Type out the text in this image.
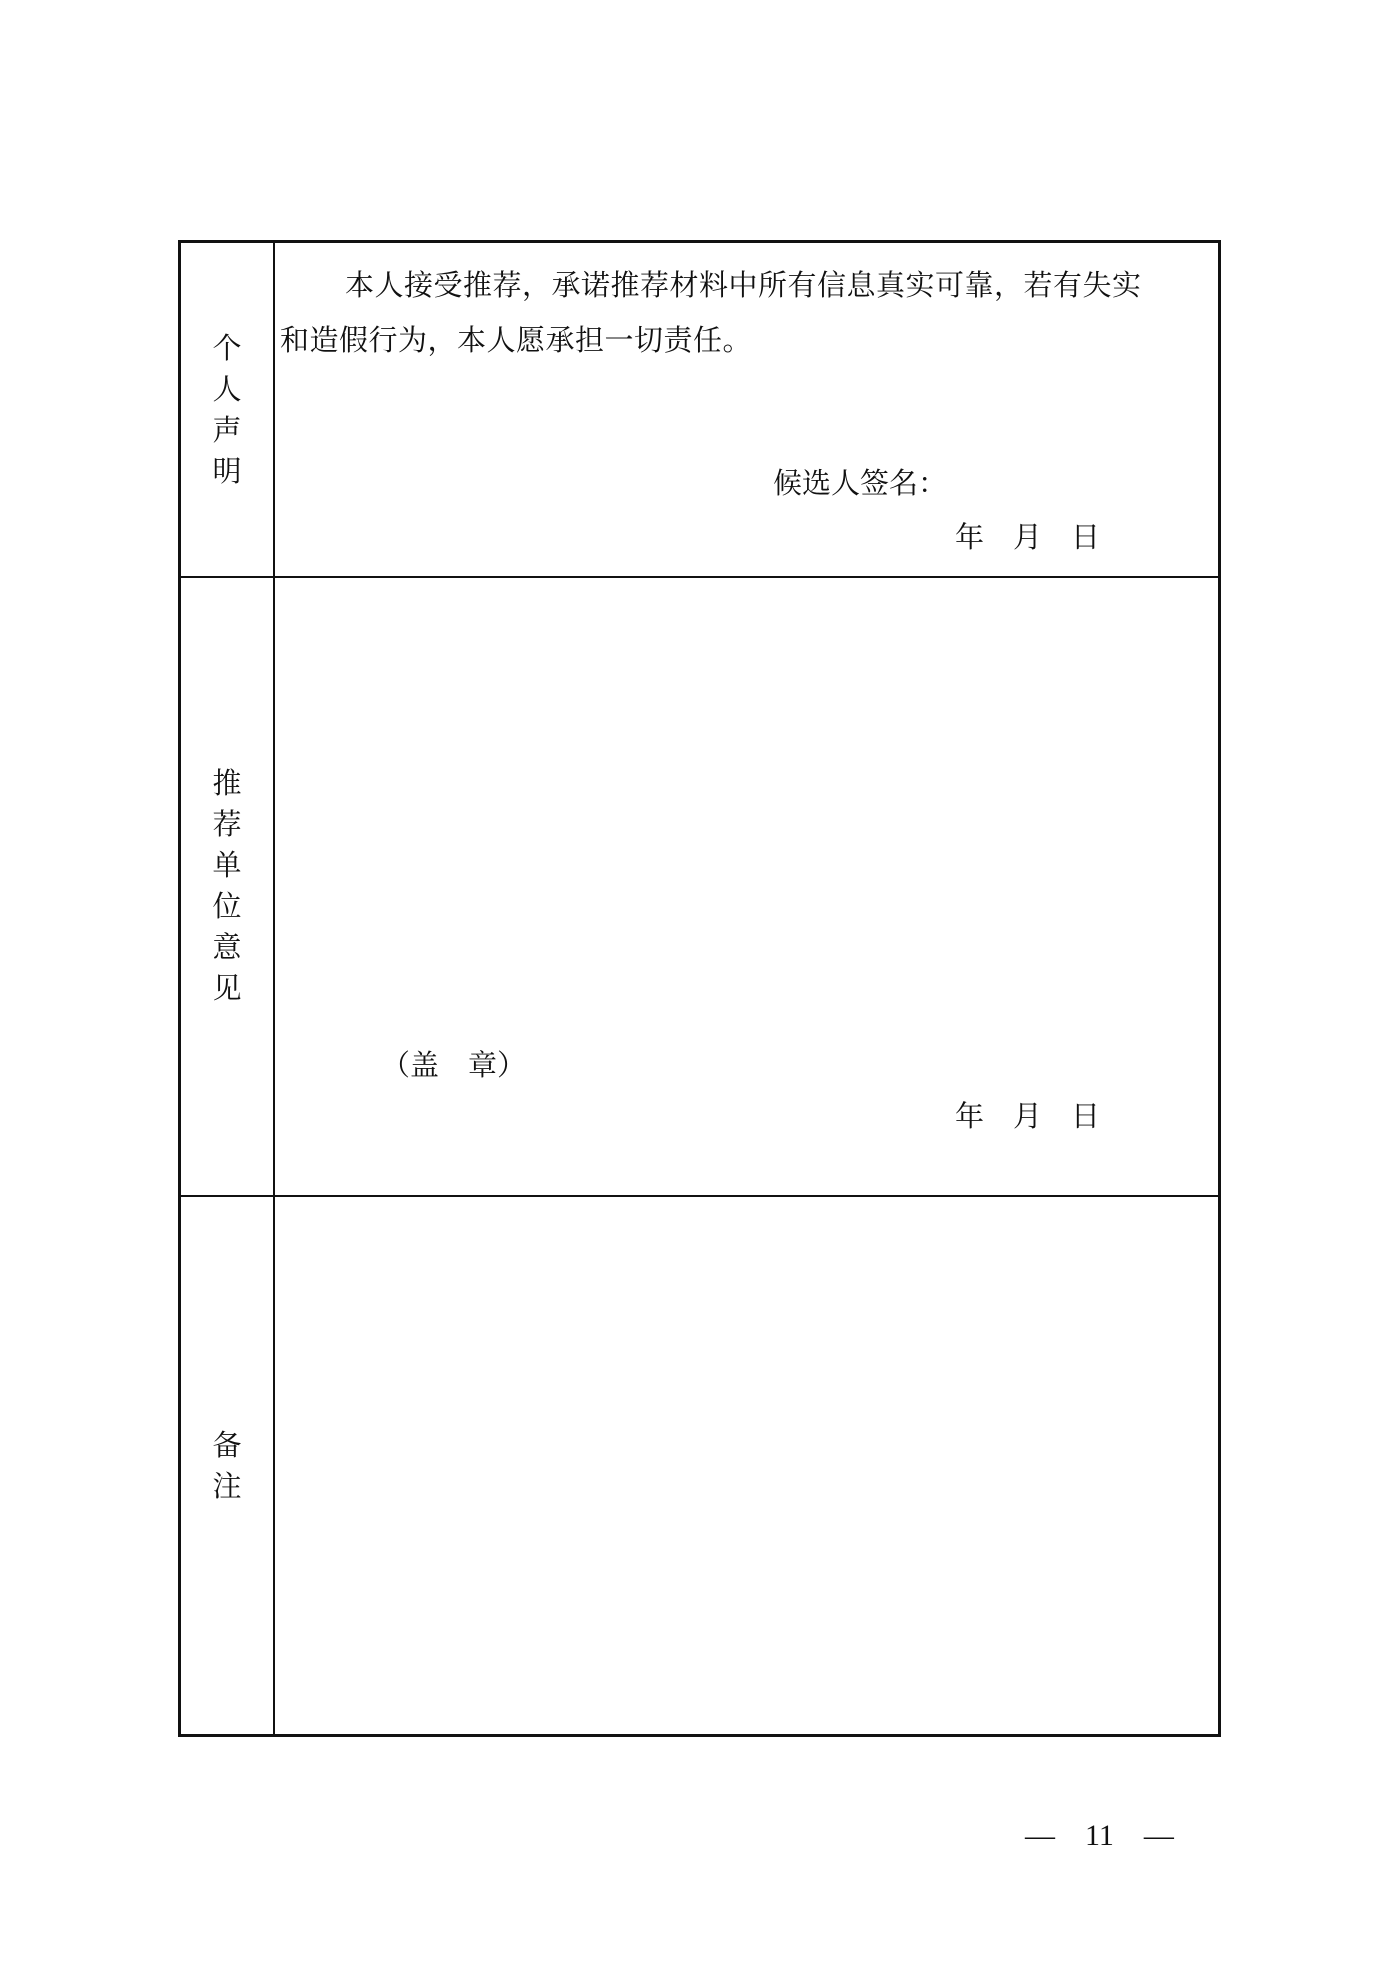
个
人
声
明
本人接受推荐，承诺推荐材料中所有信息真实可靠，若有失实
和造假行为，本人愿承担一切责任。
候选人签名：
年　月　日
推
荐
单
位
意
见
（盖　章）
年　月　日
备
注
—　11　—
